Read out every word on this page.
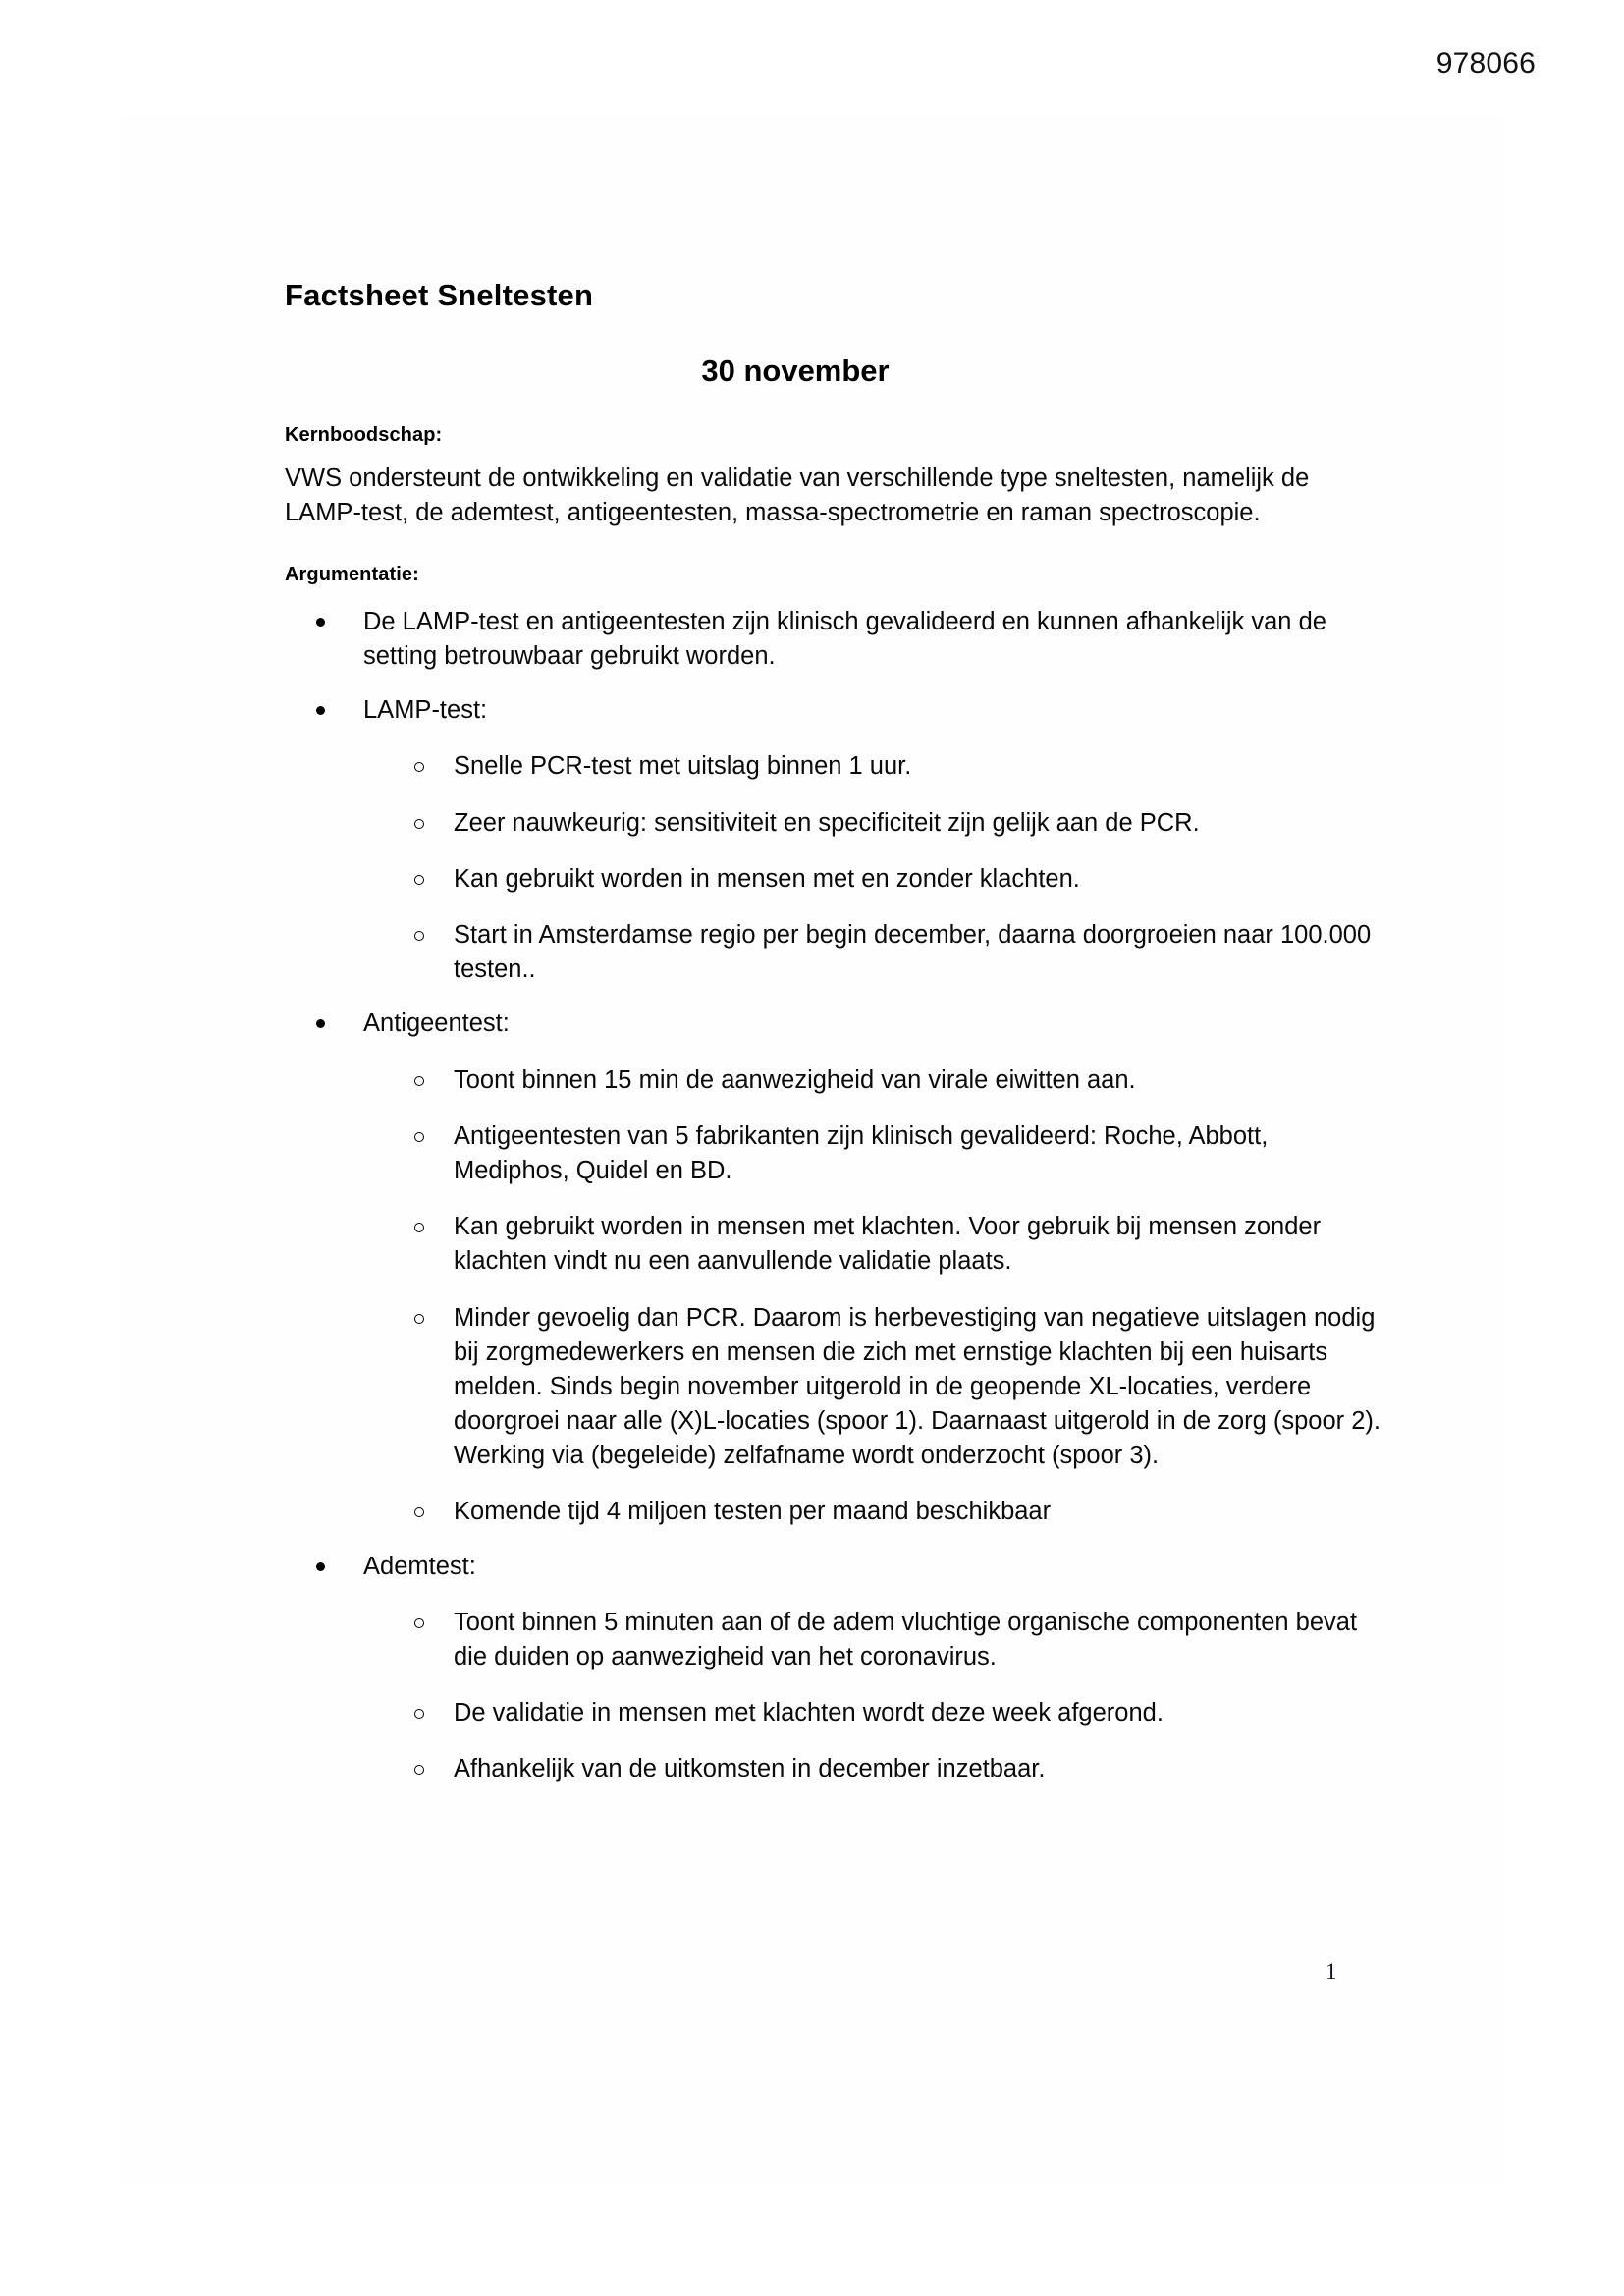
978066
Factsheet Sneltesten
30 november
Kernboodschap:

VWS ondersteunt de ontwikkeling en validatie van verschillende type sneltesten, namelijk de LAMP-test, de ademtest, antigeentesten, massa-spectrometrie en raman spectroscopie.

Argumentatie:
De LAMP-test en antigeentesten zijn klinisch gevalideerd en kunnen afhankelijk van de setting betrouwbaar gebruikt worden.
LAMP-test:
Snelle PCR-test met uitslag binnen 1 uur.
Zeer nauwkeurig: sensitiviteit en specificiteit zijn gelijk aan de PCR.
Kan gebruikt worden in mensen met en zonder klachten.
Start in Amsterdamse regio per begin december, daarna doorgroeien naar 100.000 testen..
Antigeentest:
Toont binnen 15 min de aanwezigheid van virale eiwitten aan.
Antigeentesten van 5 fabrikanten zijn klinisch gevalideerd: Roche, Abbott, Mediphos, Quidel en BD.
Kan gebruikt worden in mensen met klachten. Voor gebruik bij mensen zonder klachten vindt nu een aanvullende validatie plaats.
Minder gevoelig dan PCR. Daarom is herbevestiging van negatieve uitslagen nodig bij zorgmedewerkers en mensen die zich met ernstige klachten bij een huisarts melden. Sinds begin november uitgerold in de geopende XL-locaties, verdere doorgroei naar alle (X)L-locaties (spoor 1). Daarnaast uitgerold in de zorg (spoor 2). Werking via (begeleide) zelfafname wordt onderzocht (spoor 3).
Komende tijd 4 miljoen testen per maand beschikbaar
Ademtest:
Toont binnen 5 minuten aan of de adem vluchtige organische componenten bevat die duiden op aanwezigheid van het coronavirus.
De validatie in mensen met klachten wordt deze week afgerond.
Afhankelijk van de uitkomsten in december inzetbaar.
1
